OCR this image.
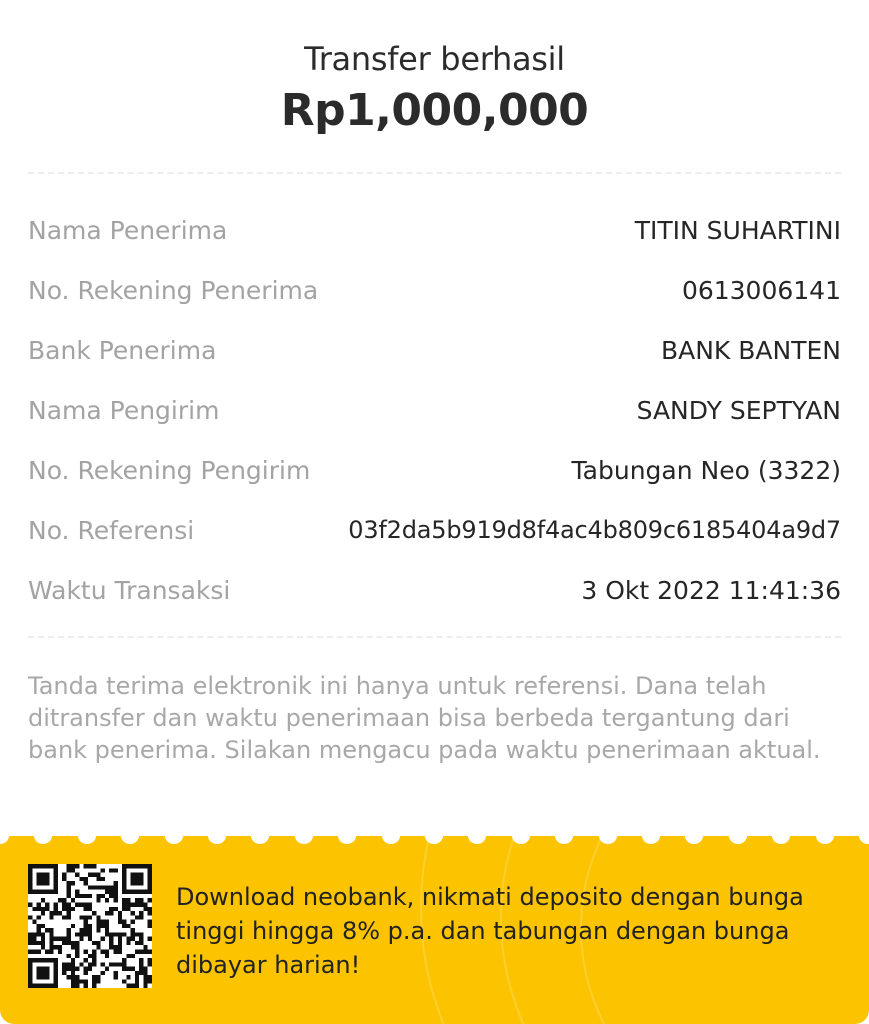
Transfer berhasil
Rp1,000,000
Nama Penerima	TITIN SUHARTINI
No. Rekening Penerima	0613006141
Bank Penerima	BANK BANTEN
Nama Pengirim	SANDY SEPTYAN
No. Rekening Pengirim	Tabungan Neo (3322)
No. Referensi	03f2da5b919d8f4ac4b809c6185404a9d7
Waktu Transaksi	3 Okt 2022 11:41:36
Tanda terima elektronik ini hanya untuk referensi. Dana telah ditransfer dan waktu penerimaan bisa berbeda tergantung dari bank penerima. Silakan mengacu pada waktu penerimaan aktual.
Download neobank, nikmati deposito dengan bunga tinggi hingga 8% p.a. dan tabungan dengan bunga dibayar harian!
